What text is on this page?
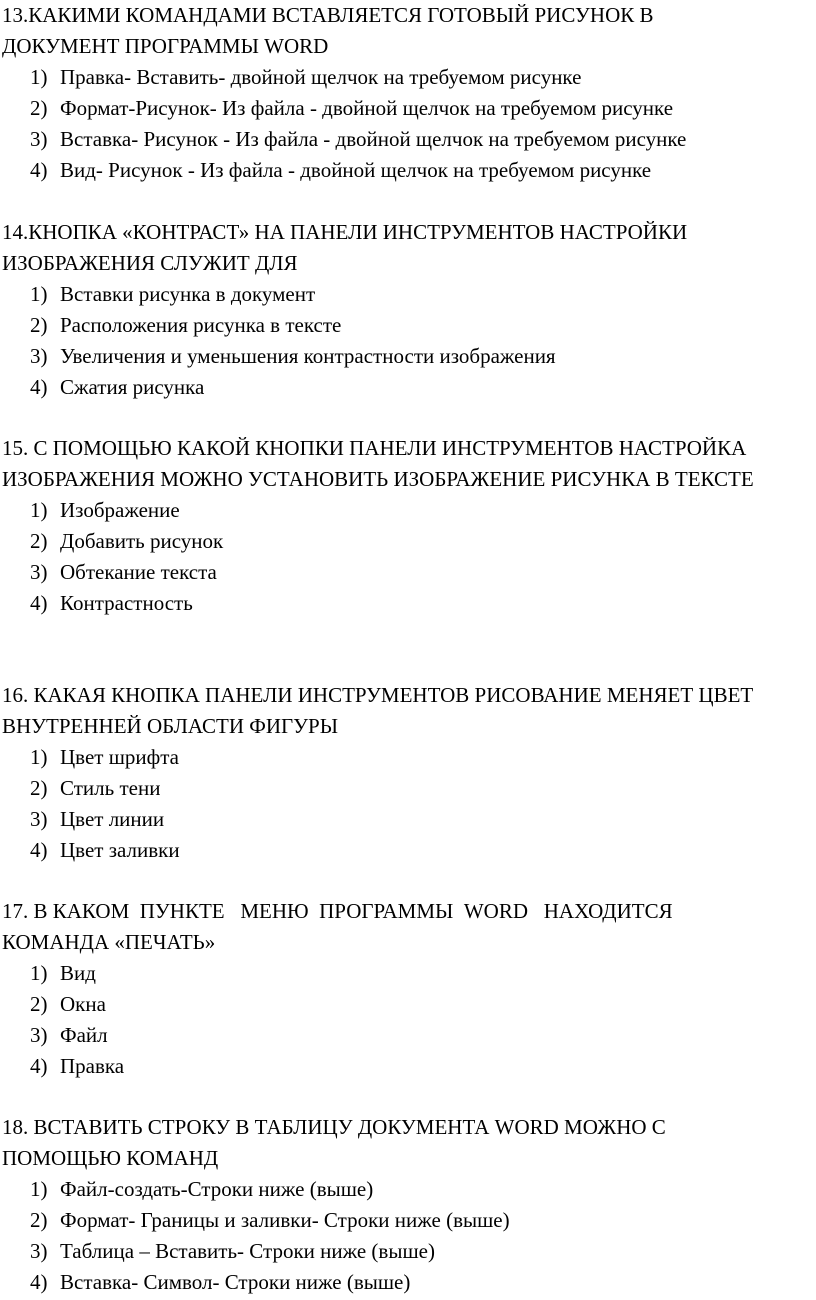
13.КАКИМИ КОМАНДАМИ ВСТАВЛЯЕТСЯ ГОТОВЫЙ РИСУНОК В ДОКУМЕНТ ПРОГРАММЫ WORD

1) Правка- Вставить- двойной щелчок на требуемом рисунке
2) Формат-Рисунок- Из файла - двойной щелчок на требуемом рисунке
3) Вставка- Рисунок - Из файла - двойной щелчок на требуемом рисунке
4) Вид- Рисунок - Из файла - двойной щелчок на требуемом рисунке

14.КНОПКА «КОНТРАСТ» НА ПАНЕЛИ ИНСТРУМЕНТОВ НАСТРОЙКИ ИЗОБРАЖЕНИЯ СЛУЖИТ ДЛЯ

1) Вставки рисунка в документ
2) Расположения рисунка в тексте
3) Увеличения и уменьшения контрастности изображения
4) Сжатия рисунка

15. С ПОМОЩЬЮ КАКОЙ КНОПКИ ПАНЕЛИ ИНСТРУМЕНТОВ НАСТРОЙКА ИЗОБРАЖЕНИЯ МОЖНО УСТАНОВИТЬ ИЗОБРАЖЕНИЕ РИСУНКА В ТЕКСТЕ

1) Изображение
2) Добавить рисунок
3) Обтекание текста
4) Контрастность

16. КАКАЯ КНОПКА ПАНЕЛИ ИНСТРУМЕНТОВ РИСОВАНИЕ МЕНЯЕТ ЦВЕТ ВНУТРЕННЕЙ ОБЛАСТИ ФИГУРЫ

1) Цвет шрифта
2) Стиль тени
3) Цвет линии
4) Цвет заливки

17. В КАКОМ  ПУНКТЕ   МЕНЮ  ПРОГРАММЫ  WORD   НАХОДИТСЯ КОМАНДА «ПЕЧАТЬ»

1) Вид
2) Окна
3) Файл
4) Правка

18. ВСТАВИТЬ СТРОКУ В ТАБЛИЦУ ДОКУМЕНТА WORD МОЖНО С ПОМОЩЬЮ КОМАНД

1) Файл-создать-Строки ниже (выше)
2) Формат- Границы и заливки- Строки ниже (выше)
3) Таблица – Вставить- Строки ниже (выше)
4) Вставка- Символ- Строки ниже (выше)
